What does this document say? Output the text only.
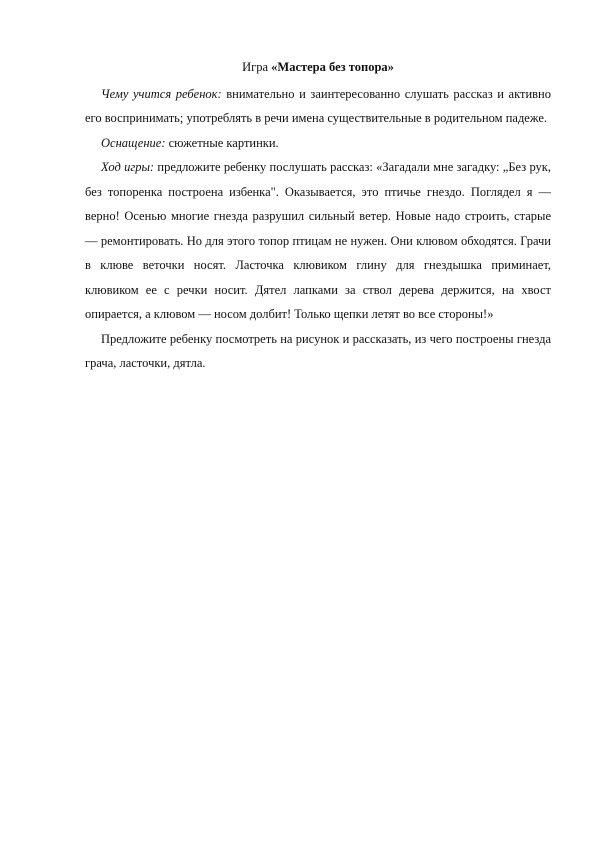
Игра «Мастера без топора»

Чему учится ребенок: внимательно и заинтересованно слушать рассказ и активно его воспринимать; употреблять в речи имена существительные в родительном падеже.

Оснащение: сюжетные картинки.

Ход игры: предложите ребенку послушать рассказ: «Загадали мне загадку: „Без рук, без топоренка построена избенка". Оказывается, это птичье гнездо. Поглядел я — верно! Осенью многие гнезда разрушил сильный ветер. Новые надо строить, старые — ремонтировать. Но для этого топор птицам не нужен. Они клювом обходятся. Грачи в клюве веточки носят. Ласточка клювиком глину для гнездышка приминает, клювиком ее с речки носит. Дятел лапками за ствол дерева держится, на хвост опирается, а клювом — носом долбит! Только щепки летят во все стороны!»

Предложите ребенку посмотреть на рисунок и рассказать, из чего построены гнезда грача, ласточки, дятла.
